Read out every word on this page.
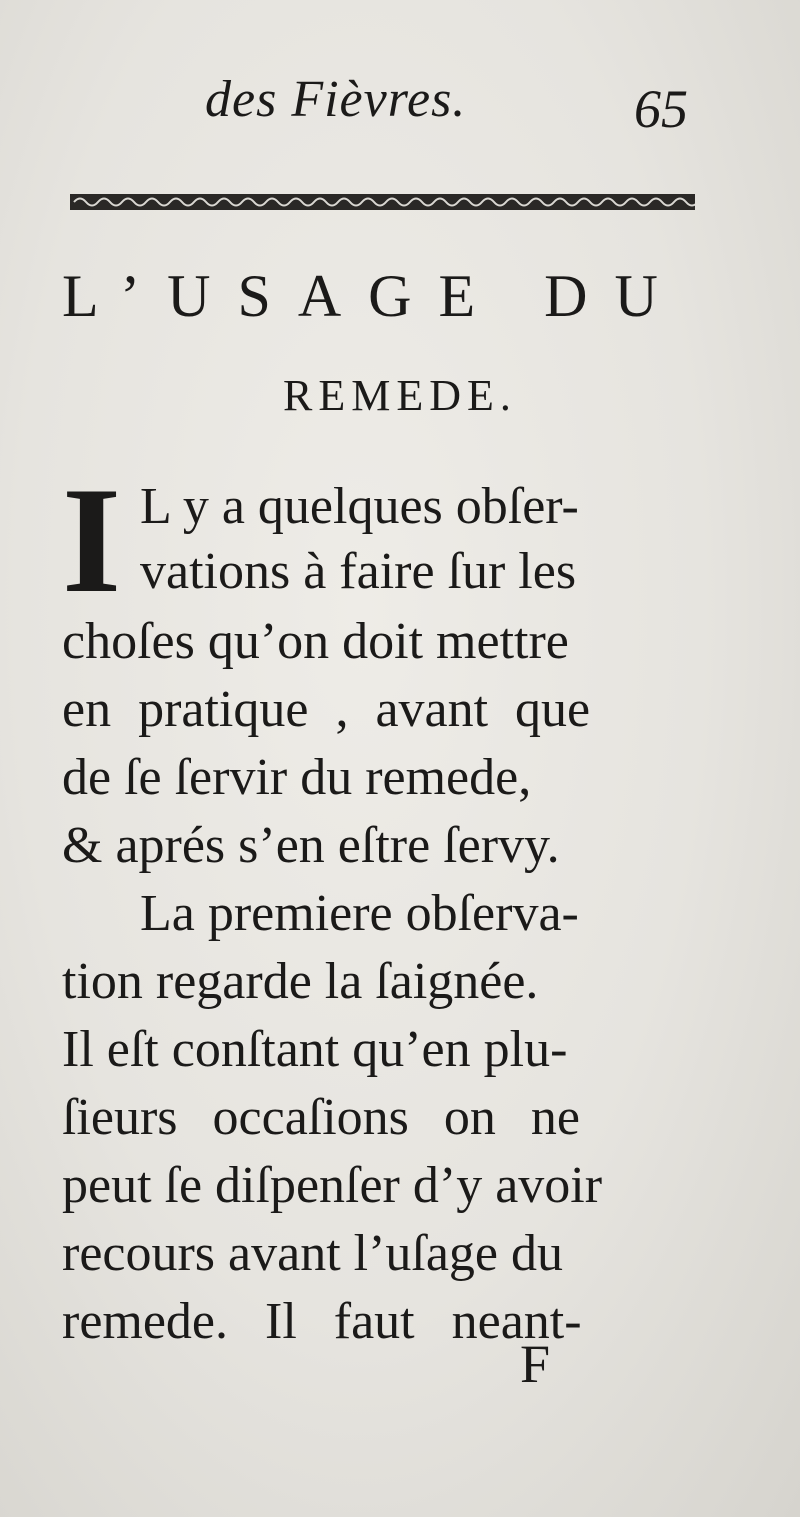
des Fièvres.	65
L’USAGE DU
REMEDE.
I L y a quelques obſer-
vations à faire ſur les
choſes qu’on doit mettre
en pratique , avant que
de ſe ſervir du remede,
& aprés s’en eſtre ſervy.
La premiere obſerva-
tion regarde la ſaignée.
Il eſt conſtant qu’en plu-
ſieurs occaſions on ne
peut ſe diſpenſer d’y avoir
recours avant l’uſage du
remede. Il faut neant-
F
